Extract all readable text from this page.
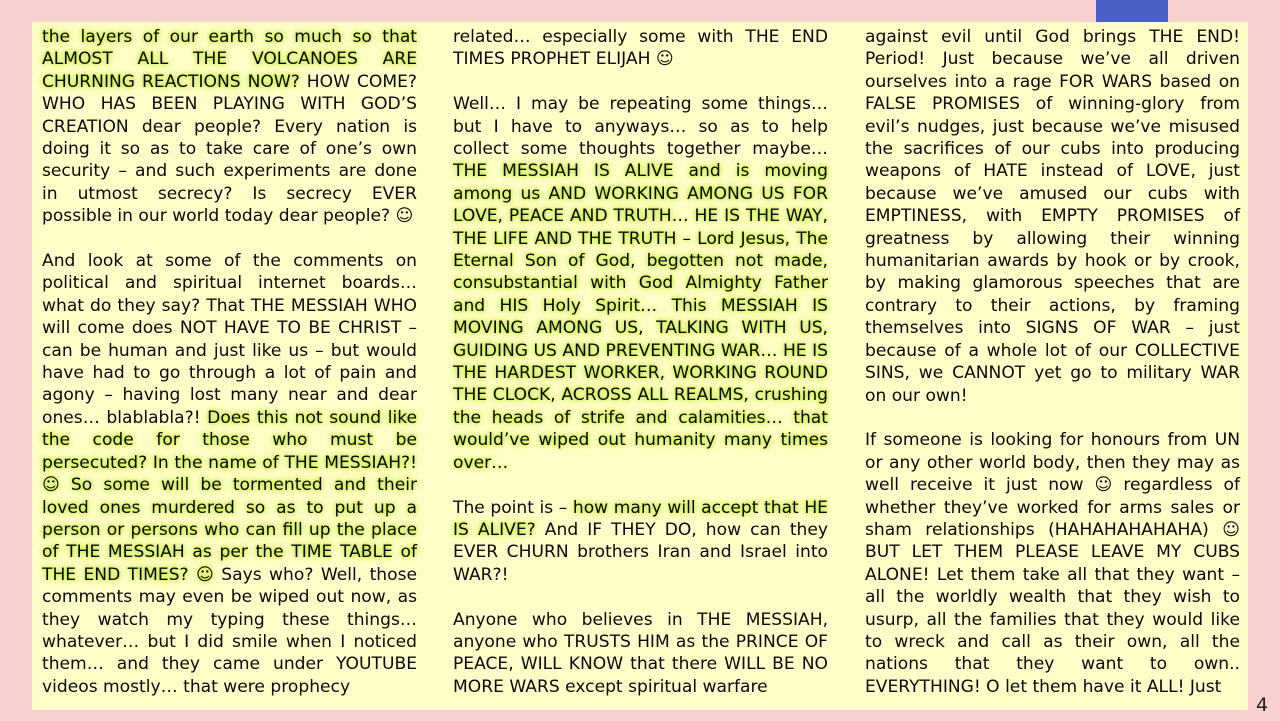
the layers of our earth so much so that ALMOST ALL THE VOLCANOES ARE CHURNING REACTIONS NOW? HOW COME? WHO HAS BEEN PLAYING WITH GOD’S CREATION dear people? Every nation is doing it so as to take care of one’s own security – and such experiments are done in utmost secrecy? Is secrecy EVER possible in our world today dear people? ☺

And look at some of the comments on political and spiritual internet boards… what do they say? That THE MESSIAH WHO will come does NOT HAVE TO BE CHRIST – can be human and just like us – but would have had to go through a lot of pain and agony – having lost many near and dear ones… blablabla?! Does this not sound like the code for those who must be persecuted? In the name of THE MESSIAH?! ☺ So some will be tormented and their loved ones murdered so as to put up a person or persons who can fill up the place of THE MESSIAH as per the TIME TABLE of THE END TIMES? ☺ Says who? Well, those comments may even be wiped out now, as they watch my typing these things… whatever… but I did smile when I noticed them… and they came under YOUTUBE videos mostly… that were prophecy

related… especially some with THE END TIMES PROPHET ELIJAH ☺

Well… I may be repeating some things… but I have to anyways… so as to help collect some thoughts together maybe… THE MESSIAH IS ALIVE and is moving among us AND WORKING AMONG US FOR LOVE, PEACE AND TRUTH… HE IS THE WAY, THE LIFE AND THE TRUTH – Lord Jesus, The Eternal Son of God, begotten not made, consubstantial with God Almighty Father and HIS Holy Spirit… This MESSIAH IS MOVING AMONG US, TALKING WITH US, GUIDING US AND PREVENTING WAR… HE IS THE HARDEST WORKER, WORKING ROUND THE CLOCK, ACROSS ALL REALMS, crushing the heads of strife and calamities… that would’ve wiped out humanity many times over…

The point is – how many will accept that HE IS ALIVE? And IF THEY DO, how can they EVER CHURN brothers Iran and Israel into WAR?!

Anyone who believes in THE MESSIAH, anyone who TRUSTS HIM as the PRINCE OF PEACE, WILL KNOW that there WILL BE NO MORE WARS except spiritual warfare

against evil until God brings THE END! Period! Just because we’ve all driven ourselves into a rage FOR WARS based on FALSE PROMISES of winning-glory from evil’s nudges, just because we’ve misused the sacrifices of our cubs into producing weapons of HATE instead of LOVE, just because we’ve amused our cubs with EMPTINESS, with EMPTY PROMISES of greatness by allowing their winning humanitarian awards by hook or by crook, by making glamorous speeches that are contrary to their actions, by framing themselves into SIGNS OF WAR – just because of a whole lot of our COLLECTIVE SINS, we CANNOT yet go to military WAR on our own!

If someone is looking for honours from UN or any other world body, then they may as well receive it just now ☺ regardless of whether they’ve worked for arms sales or sham relationships (HAHAHAHAHAHA) ☺ BUT LET THEM PLEASE LEAVE MY CUBS ALONE! Let them take all that they want – all the worldly wealth that they wish to usurp, all the families that they would like to wreck and call as their own, all the nations that they want to own.. EVERYTHING! O let them have it ALL! Just

4
